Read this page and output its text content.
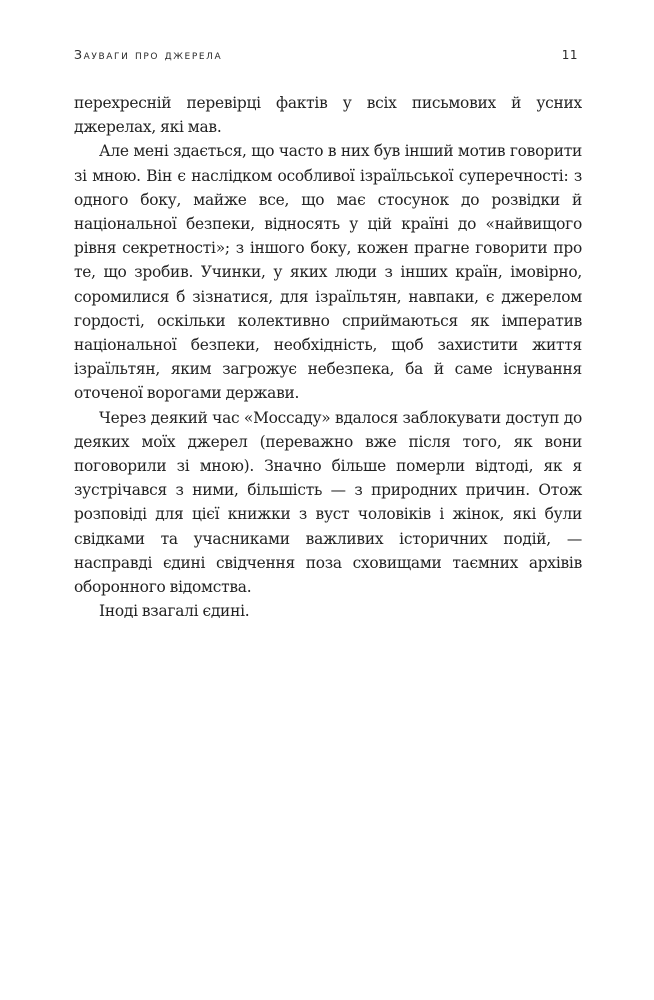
Зауваги про джерела	11

перехресній перевірці фактів у всіх письмових й усних джерелах, які мав.

Але мені здається, що часто в них був інший мотив говорити зі мною. Він є наслідком особливої ізраїльської суперечності: з одного боку, майже все, що має стосунок до розвідки й національної безпеки, відносять у цій країні до «найвищого рівня секретності»; з іншого боку, кожен прагне говорити про те, що зробив. Учинки, у яких люди з інших країн, імовірно, соромилися б зізнатися, для ізраїльтян, навпаки, є джерелом гордості, оскільки колективно сприймаються як імператив національної безпеки, необхідність, щоб захистити життя ізраїльтян, яким загрожує небезпека, ба й саме існування оточеної ворогами держави.

Через деякий час «Моссаду» вдалося заблокувати доступ до деяких моїх джерел (переважно вже після того, як вони поговорили зі мною). Значно більше померли відтоді, як я зустрічався з ними, більшість — з природних причин. Отож розповіді для цієї книжки з вуст чоловіків і жінок, які були свідками та учасниками важливих історичних подій, — насправді єдині свідчення поза сховищами таємних архівів оборонного відомства.

Іноді взагалі єдині.
